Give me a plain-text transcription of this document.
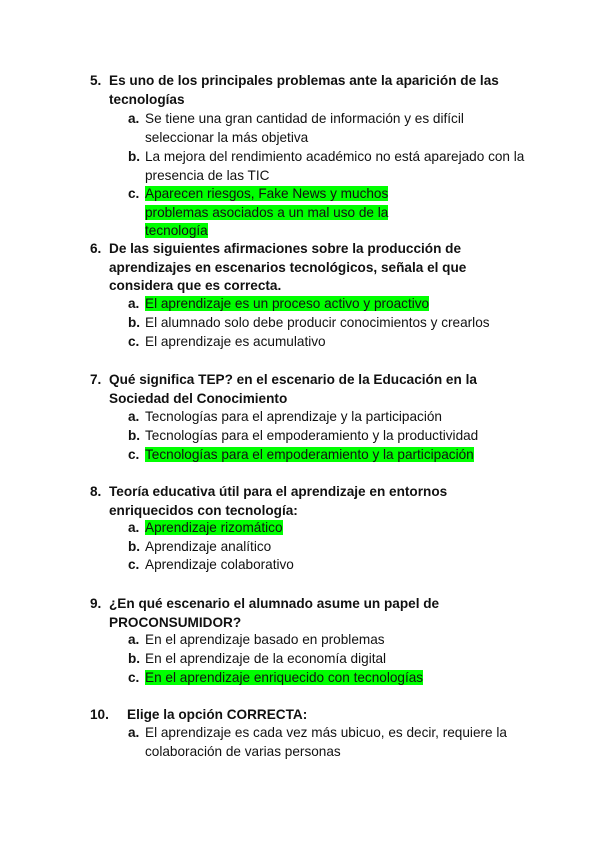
5. Es uno de los principales problemas ante la aparición de las tecnologías
a. Se tiene una gran cantidad de información y es difícil seleccionar la más objetiva
b. La mejora del rendimiento académico no está aparejado con la presencia de las TIC
c. Aparecen riesgos, Fake News y muchos problemas asociados a un mal uso de la tecnología
6. De las siguientes afirmaciones sobre la producción de aprendizajes en escenarios tecnológicos, señala el que considera que es correcta.
a. El aprendizaje es un proceso activo y proactivo
b. El alumnado solo debe producir conocimientos y crearlos
c. El aprendizaje es acumulativo
7. Qué significa TEP? en el escenario de la Educación en la Sociedad del Conocimiento
a. Tecnologías para el aprendizaje y la participación
b. Tecnologías para el empoderamiento y la productividad
c. Tecnologías para el empoderamiento y la participación
8. Teoría educativa útil para el aprendizaje en entornos enriquecidos con tecnología:
a. Aprendizaje rizomático
b. Aprendizaje analítico
c. Aprendizaje colaborativo
9. ¿En qué escenario el alumnado asume un papel de PROCONSUMIDOR?
a. En el aprendizaje basado en problemas
b. En el aprendizaje de la economía digital
c. En el aprendizaje enriquecido con tecnologías
10. Elige la opción CORRECTA:
a. El aprendizaje es cada vez más ubicuo, es decir, requiere la colaboración de varias personas
